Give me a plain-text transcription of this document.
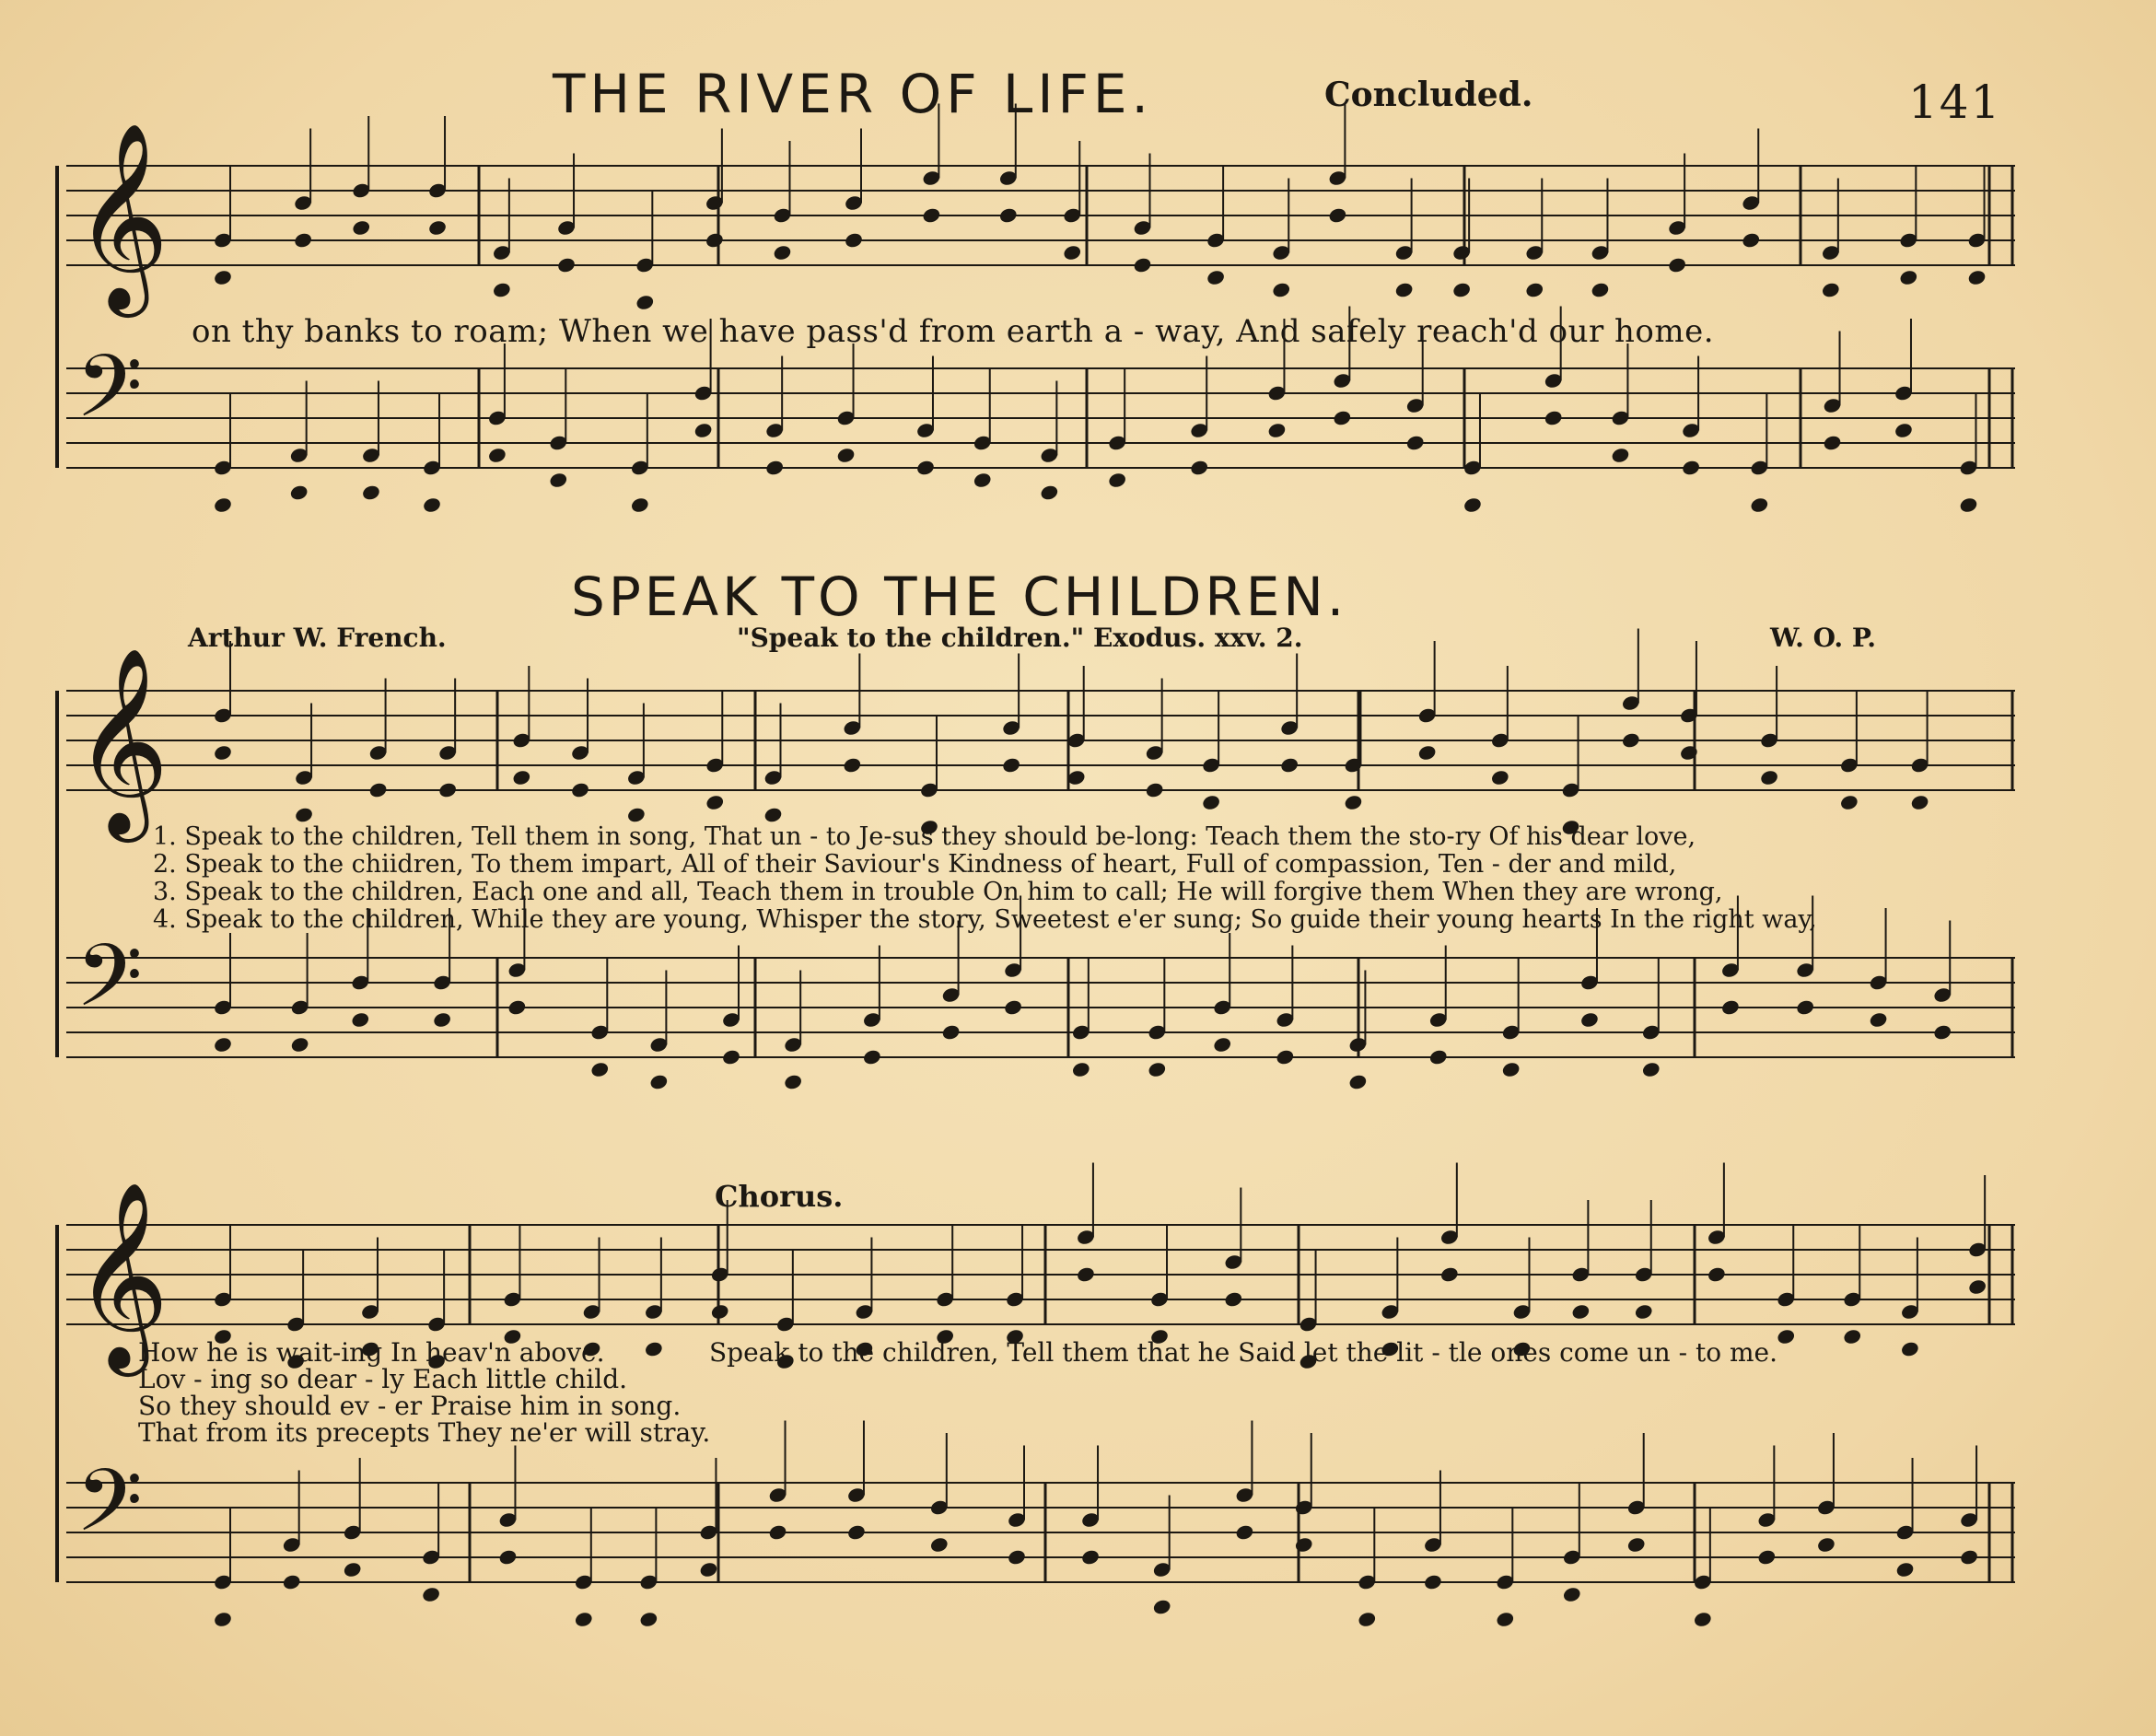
THE RIVER OF LIFE.	Concluded.	141
𝄞
𝄢
𝄞
𝄢
𝄞
𝄢
on thy banks to roam; When we have pass'd from earth a - way, And safely reach'd our home.
SPEAK TO THE CHILDREN.
Arthur W. French.	"Speak to the children." Exodus. xxv. 2.	W. O. P.
1. Speak to the children, Tell them in song, That un - to Je-sus they should be-long: Teach them the sto-ry Of his dear love,
2. Speak to the chiidren, To them impart, All of their Saviour's Kindness of heart, Full of compassion, Ten - der and mild,
3. Speak to the children, Each one and all, Teach them in trouble On him to call; He will forgive them When they are wrong,
4. Speak to the children, While they are young, Whisper the story, Sweetest e'er sung; So guide their young hearts In the right way,
Chorus.
How he is wait-ing In heav'n above.	Speak to the children, Tell them that he Said let the lit - tle ones come un - to me.
Lov - ing so dear - ly Each little child.
So they should ev - er Praise him in song.
That from its precepts They ne'er will stray.
